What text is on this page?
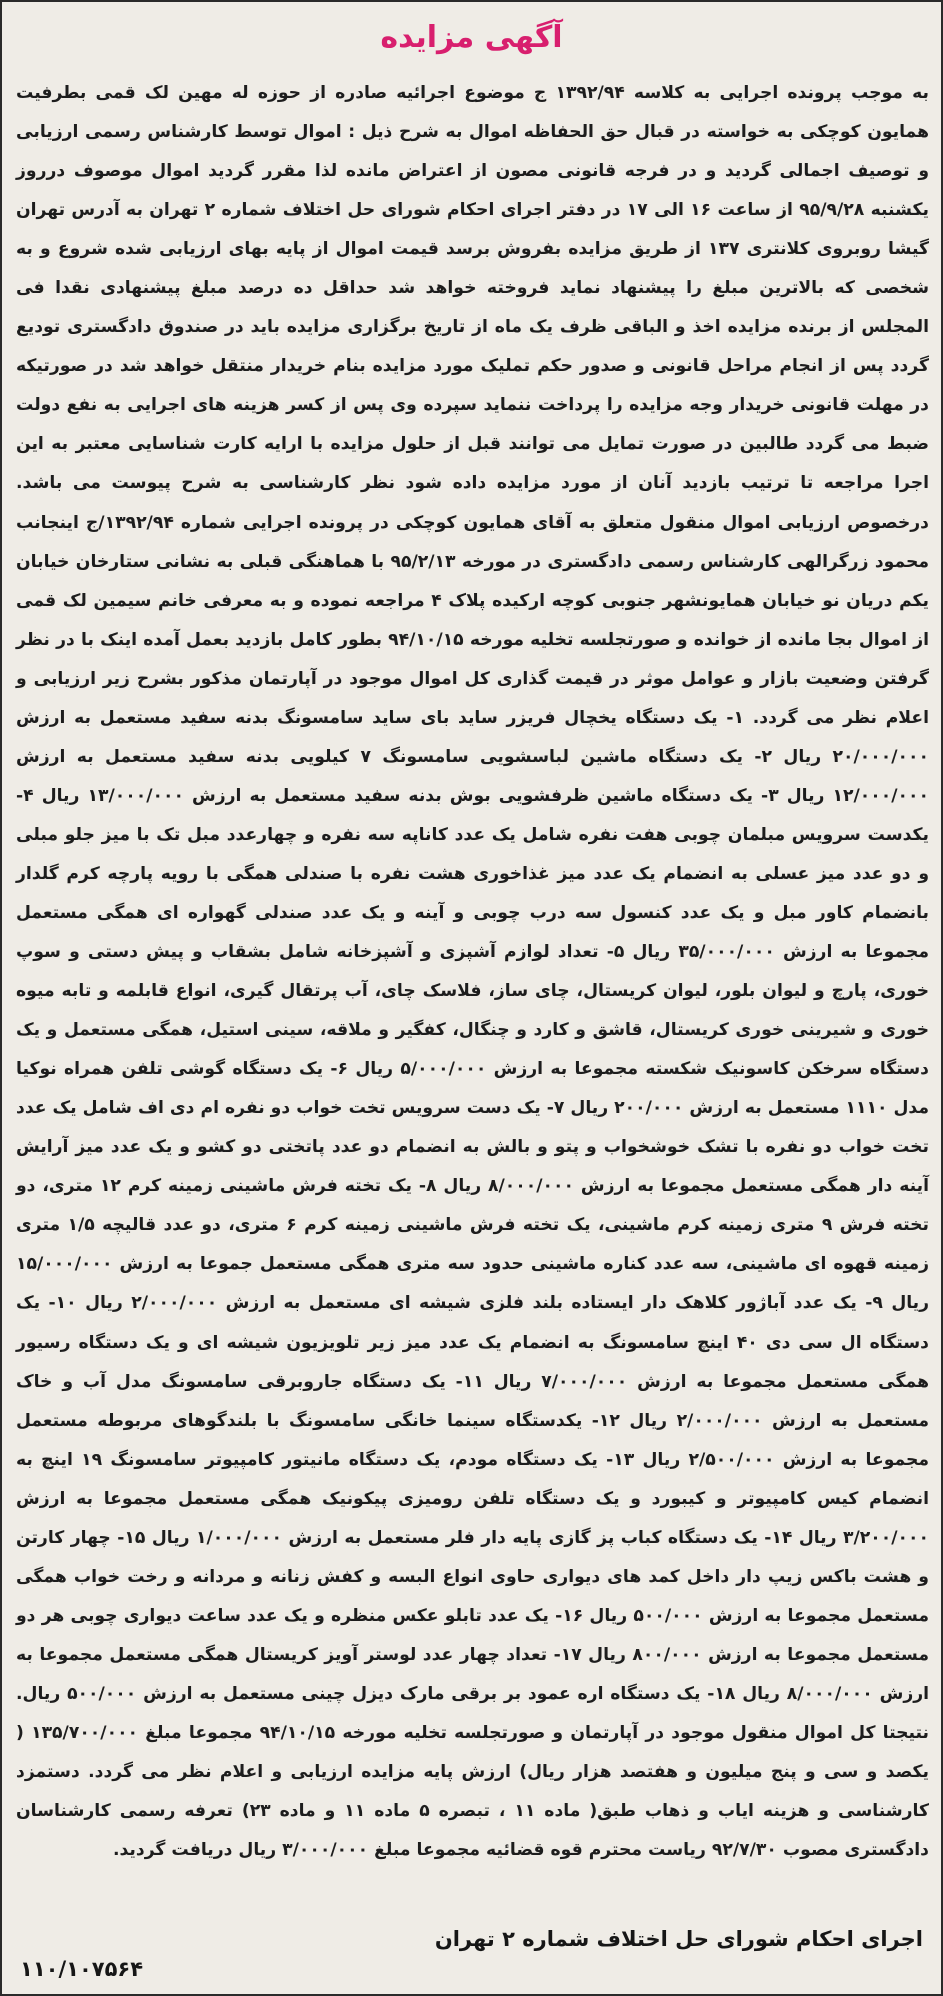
آگهی مزایده

به موجب پرونده اجرایی به کلاسه ۱۳۹۲/۹۴ ج موضوع اجرائیه صادره از حوزه له مهین لک قمی بطرفیت همایون کوچکی به خواسته در قبال حق الحفاظه اموال به شرح ذیل : اموال توسط کارشناس رسمی ارزیابی و توصیف اجمالی گردید و در فرجه قانونی مصون از اعتراض مانده لذا مقرر گردید اموال موصوف درروز یکشنبه ۹۵/۹/۲۸ از ساعت ۱۶ الی ۱۷ در دفتر اجرای احکام شورای حل اختلاف شماره ۲ تهران به آدرس تهران گیشا روبروی کلانتری ۱۳۷ از طریق مزایده بفروش برسد قیمت اموال از پایه بهای ارزیابی شده شروع و به شخصی که بالاترین مبلغ را پیشنهاد نماید فروخته خواهد شد حداقل ده درصد مبلغ پیشنهادی نقدا فی المجلس از برنده مزایده اخذ و الباقی ظرف یک ماه از تاریخ برگزاری مزایده باید در صندوق دادگستری تودیع گردد پس از انجام مراحل قانونی و صدور حکم تملیک مورد مزایده بنام خریدار منتقل خواهد شد در صورتیکه در مهلت قانونی خریدار وجه مزایده را پرداخت ننماید سپرده وی پس از کسر هزینه های اجرایی به نفع دولت ضبط می گردد طالبین در صورت تمایل می توانند قبل از حلول مزایده با ارایه کارت شناسایی معتبر به این اجرا مراجعه تا ترتیب بازدید آنان از مورد مزایده داده شود نظر کارشناسی به شرح پیوست می باشد. درخصوص ارزیابی اموال منقول متعلق به آقای همایون کوچکی در پرونده اجرایی شماره ۱۳۹۲/۹۴/ج اینجانب محمود زرگرالهی کارشناس رسمی دادگستری در مورخه ۹۵/۲/۱۳ با هماهنگی قبلی به نشانی ستارخان خیابان یکم دریان نو خیابان همایونشهر جنوبی کوچه ارکیده پلاک ۴ مراجعه نموده و به معرفی خانم سیمین لک قمی از اموال بجا مانده از خوانده و صورتجلسه تخلیه مورخه ۹۴/۱۰/۱۵ بطور کامل بازدید بعمل آمده اینک با در نظر گرفتن وضعیت بازار و عوامل موثر در قیمت گذاری کل اموال موجود در آپارتمان مذکور بشرح زیر ارزیابی و اعلام نظر می گردد. ۱- یک دستگاه یخچال فریزر ساید بای ساید سامسونگ بدنه سفید مستعمل به ارزش ۲۰/۰۰۰/۰۰۰ ریال ۲- یک دستگاه ماشین لباسشویی سامسونگ ۷ کیلویی بدنه سفید مستعمل به ارزش ۱۲/۰۰۰/۰۰۰ ریال ۳- یک دستگاه ماشین ظرفشویی بوش بدنه سفید مستعمل به ارزش ۱۳/۰۰۰/۰۰۰ ریال ۴- یکدست سرویس مبلمان چوبی هفت نفره شامل یک عدد کاناپه سه نفره و چهارعدد مبل تک با میز جلو مبلی و دو عدد میز عسلی به انضمام یک عدد میز غذاخوری هشت نفره با صندلی همگی با رویه پارچه کرم گلدار بانضمام کاور مبل و یک عدد کنسول سه درب چوبی و آینه و یک عدد صندلی گهواره ای همگی مستعمل مجموعا به ارزش ۳۵/۰۰۰/۰۰۰ ریال ۵- تعداد لوازم آشپزی و آشپزخانه شامل بشقاب و پیش دستی و سوپ خوری، پارچ و لیوان بلور، لیوان کریستال، چای ساز، فلاسک چای، آب پرتقال گیری، انواع قابلمه و تابه میوه خوری و شیرینی خوری کریستال، قاشق و کارد و چنگال، کفگیر و ملاقه، سینی استیل، همگی مستعمل و یک دستگاه سرخکن کاسونیک شکسته مجموعا به ارزش ۵/۰۰۰/۰۰۰ ریال ۶- یک دستگاه گوشی تلفن همراه نوکیا مدل ۱۱۱۰ مستعمل به ارزش ۲۰۰/۰۰۰ ریال ۷- یک دست سرویس تخت خواب دو نفره ام دی اف شامل یک عدد تخت خواب دو نفره با تشک خوشخواب و پتو و بالش به انضمام دو عدد پاتختی دو کشو و یک عدد میز آرایش آینه دار همگی مستعمل مجموعا به ارزش ۸/۰۰۰/۰۰۰ ریال ۸- یک تخته فرش ماشینی زمینه کرم ۱۲ متری، دو تخته فرش ۹ متری زمینه کرم ماشینی، یک تخته فرش ماشینی زمینه کرم ۶ متری، دو عدد قالیچه ۱/۵ متری زمینه قهوه ای ماشینی، سه عدد کناره ماشینی حدود سه متری همگی مستعمل جموعا به ارزش ۱۵/۰۰۰/۰۰۰ ریال ۹- یک عدد آباژور کلاهک دار ایستاده بلند فلزی شیشه ای مستعمل به ارزش ۲/۰۰۰/۰۰۰ ریال ۱۰- یک دستگاه ال سی دی ۴۰ اینچ سامسونگ به انضمام یک عدد میز زیر تلویزیون شیشه ای و یک دستگاه رسیور همگی مستعمل مجموعا به ارزش ۷/۰۰۰/۰۰۰ ریال ۱۱- یک دستگاه جاروبرقی سامسونگ مدل آب و خاک مستعمل به ارزش ۲/۰۰۰/۰۰۰ ریال ۱۲- یکدستگاه سینما خانگی سامسونگ با بلندگوهای مربوطه مستعمل مجموعا به ارزش ۲/۵۰۰/۰۰۰ ریال ۱۳- یک دستگاه مودم، یک دستگاه مانیتور کامپیوتر سامسونگ ۱۹ اینچ به انضمام کیس کامپیوتر و کیبورد و یک دستگاه تلفن رومیزی پیکونیک همگی مستعمل مجموعا به ارزش ۳/۲۰۰/۰۰۰ ریال ۱۴- یک دستگاه کباب پز گازی پایه دار فلر مستعمل به ارزش ۱/۰۰۰/۰۰۰ ریال ۱۵- چهار کارتن و هشت باکس زیپ دار داخل کمد های دیواری حاوی انواع البسه و کفش زنانه و مردانه و رخت خواب همگی مستعمل مجموعا به ارزش ۵۰۰/۰۰۰ ریال ۱۶- یک عدد تابلو عکس منظره و یک عدد ساعت دیواری چوبی هر دو مستعمل مجموعا به ارزش ۸۰۰/۰۰۰ ریال ۱۷- تعداد چهار عدد لوستر آویز کریستال همگی مستعمل مجموعا به ارزش ۸/۰۰۰/۰۰۰ ریال ۱۸- یک دستگاه اره عمود بر برقی مارک دیزل چینی مستعمل به ارزش ۵۰۰/۰۰۰ ریال. نتیجتا کل اموال منقول موجود در آپارتمان و صورتجلسه تخلیه مورخه ۹۴/۱۰/۱۵ مجموعا مبلغ ۱۳۵/۷۰۰/۰۰۰ ( یکصد و سی و پنج میلیون و هفتصد هزار ریال) ارزش پایه مزایده ارزیابی و اعلام نظر می گردد. دستمزد کارشناسی و هزینه ایاب و ذهاب طبق( ماده ۱۱ ، تبصره ۵ ماده ۱۱ و ماده ۲۳) تعرفه رسمی کارشناسان دادگستری مصوب ۹۲/۷/۳۰ ریاست محترم قوه قضائیه مجموعا مبلغ ۳/۰۰۰/۰۰۰ ریال دریافت گردید.

اجرای احکام شورای حل اختلاف شماره ۲ تهران
۱۱۰/۱۰۷۵۶۴
